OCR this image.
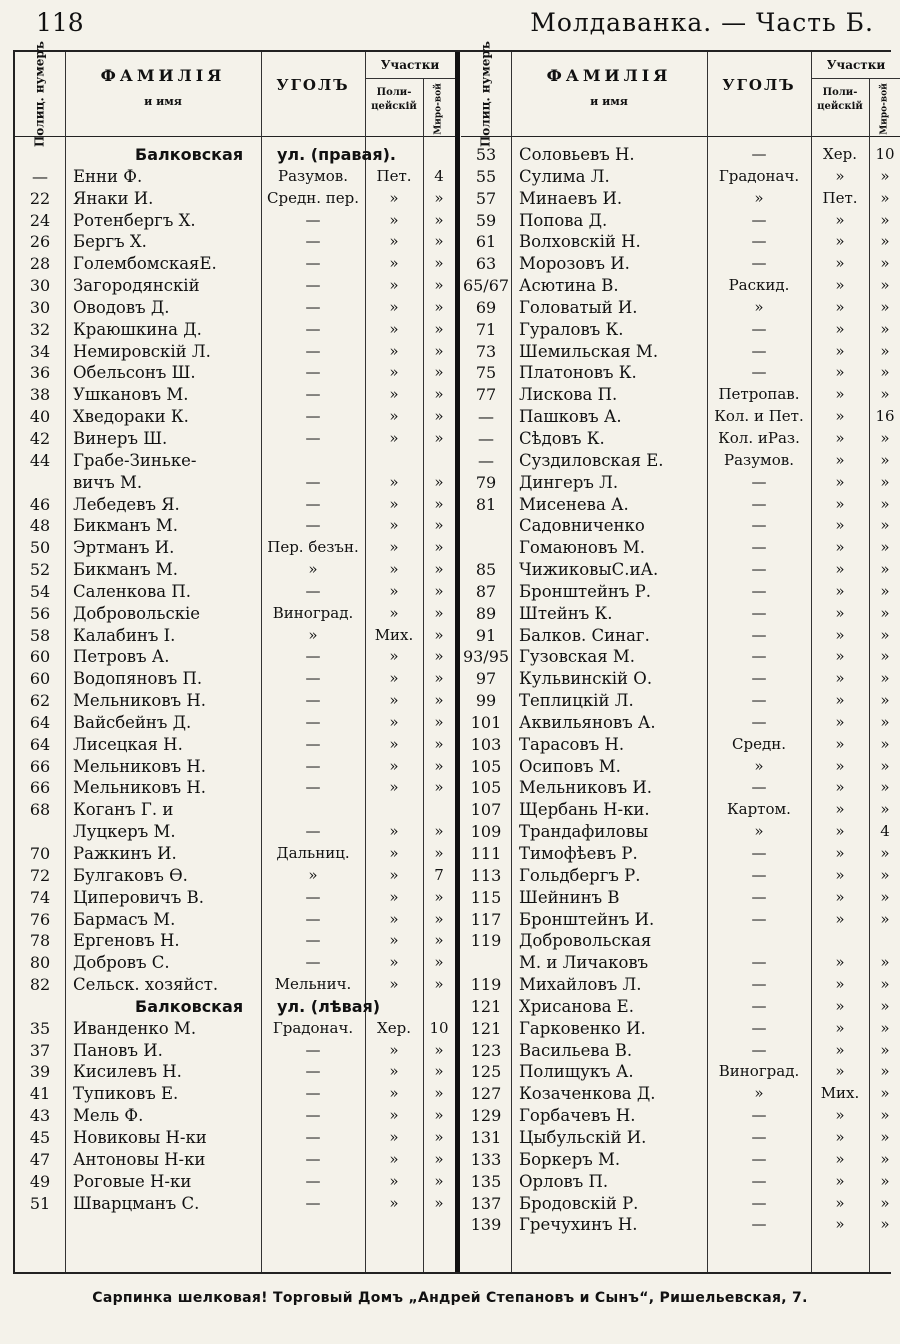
118	Молдаванка. — Часть Б.
Полиц. нумеръ	ФАМИЛІЯ
и имя
УГОЛЪ
Участки
Поли-цейскій	Миро-вой
Балковская	ул. (правая).
—	Енни Ф.	Разумов.	Пет.	4
22	Янаки И.	Средн. пер.	»	»
24	Ротенбергъ Х.	—	»	»
26	Бергъ Х.	—	»	»
28	ГолембомскаяЕ.	—	»	»
30	Загородянскій	—	»	»
30	Оводовъ Д.	—	»	»
32	Краюшкина Д.	—	»	»
34	Немировскій Л.	—	»	»
36	Обельсонъ Ш.	—	»	»
38	Ушкановъ М.	—	»	»
40	Хведораки К.	—	»	»
42	Винеръ Ш.	—	»	»
44	Грабе-Зинькe-
вичъ М.	—	»	»
46	Лебедевъ Я.	—	»	»
48	Бикманъ М.	—	»	»
50	Эртманъ И.	Пер. безън.	»	»
52	Бикманъ М.	»	»	»
54	Саленкова П.	—	»	»
56	Добровольскіе	Виноград.	»	»
58	Калабинъ І.	»	Мих.	»
60	Петровъ А.	—	»	»
60	Водопяновъ П.	—	»	»
62	Мельниковъ Н.	—	»	»
64	Вайсбейнъ Д.	—	»	»
64	Лисецкая Н.	—	»	»
66	Мельниковъ Н.	—	»	»
66	Мельниковъ Н.	—	»	»
68	Коганъ Г. и
Луцкеръ М.	—	»	»
70	Ражкинъ И.	Дальниц.	»	»
72	Булгаковъ Ѳ.	»	»	7
74	Циперовичъ В.	—	»	»
76	Бармасъ М.	—	»	»
78	Ергеновъ Н.	—	»	»
80	Добровъ С.	—	»	»
82	Сельск. хозяйст.	Мельнич.	»	»
Балковская	ул. (лѣвая)
35	Иванденко М.	Градонач.	Хер.	10
37	Пановъ И.	—	»	»
39	Кисилевъ Н.	—	»	»
41	Тупиковъ Е.	—	»	»
43	Мель Ф.	—	»	»
45	Новиковы Н-ки	—	»	»
47	Антоновы Н-ки	—	»	»
49	Роговые Н-ки	—	»	»
51	Шварцманъ С.	—	»	»
Полиц. нумеръ	ФАМИЛІЯ
и имя
УГОЛЪ
Участки
Поли-цейскій	Миро-вой
53	Соловьевъ Н.	—	Хер.	10
55	Сулима Л.	Градонач.	»	»
57	Минаевъ И.	»	Пет.	»
59	Попова Д.	—	»	»
61	Волховскій Н.	—	»	»
63	Морозовъ И.	—	»	»
65/67 Асютина В.	Раскид.	»	»
69	Головатый И.	»	»	»
71	Гураловъ К.	—	»	»
73	Шемильская М.	—	»	»
75	Платоновъ К.	—	»	»
77	Лискова П.	Петропав.	»	»
—	Пашковъ А.	Кол. и Пет.	»	16
—	Сѣдовъ К.	Кол. иРаз.	»	»
—	Суздиловская Е.	Разумов.	»	»
79	Дингеръ Л.	—	»	»
81	Мисенева А.	—	»	»
Садовниченко	—	»	»
Гомаюновъ М.	—	»	»
85	ЧижиковыС.иА.	—	»	»
87	Бронштейнъ Р.	—	»	»
89	Штейнъ К.	—	»	»
91	Балков. Синаг.	—	»	»
93/95 Гузовская М.	—	»	»
97	Кульвинскій О.	—	»	»
99	Теплицкій Л.	—	»	»
101	Аквильяновъ А.	—	»	»
103	Тарасовъ Н.	Средн.	»	»
105	Осиповъ М.	»	»	»
105	Мельниковъ И.	—	»	»
107	Щербань Н-ки.	Картом.	»	»
109	Трандафиловы	»	»	4
111	Тимофѣевъ Р.	—	»	»
113	Гольдбергъ Р.	—	»	»
115	Шейнинъ В	—	»	»
117	Бронштейнъ И.	—	»	»
119	Добровольская
М. и Личаковъ	—	»	»
119	Михайловъ Л.	—	»	»
121	Хрисанова Е.	—	»	»
121	Гарковенко И.	—	»	»
123	Васильева В.	—	»	»
125	Полищукъ А.	Виноград.	»	»
127	Козаченкова Д.	»	Мих.	»
129	Горбачевъ Н.	—	»	»
131	Цыбульскій И.	—	»	»
133	Боркеръ М.	—	»	»
135	Орловъ П.	—	»	»
137	Бродовскій Р.	—	»	»
139	Гречухинъ Н.	—	»	»
Сарпинка шелковая! Торговый Домъ „Андрей Степановъ и Сынъ“, Ришельевская, 7.
